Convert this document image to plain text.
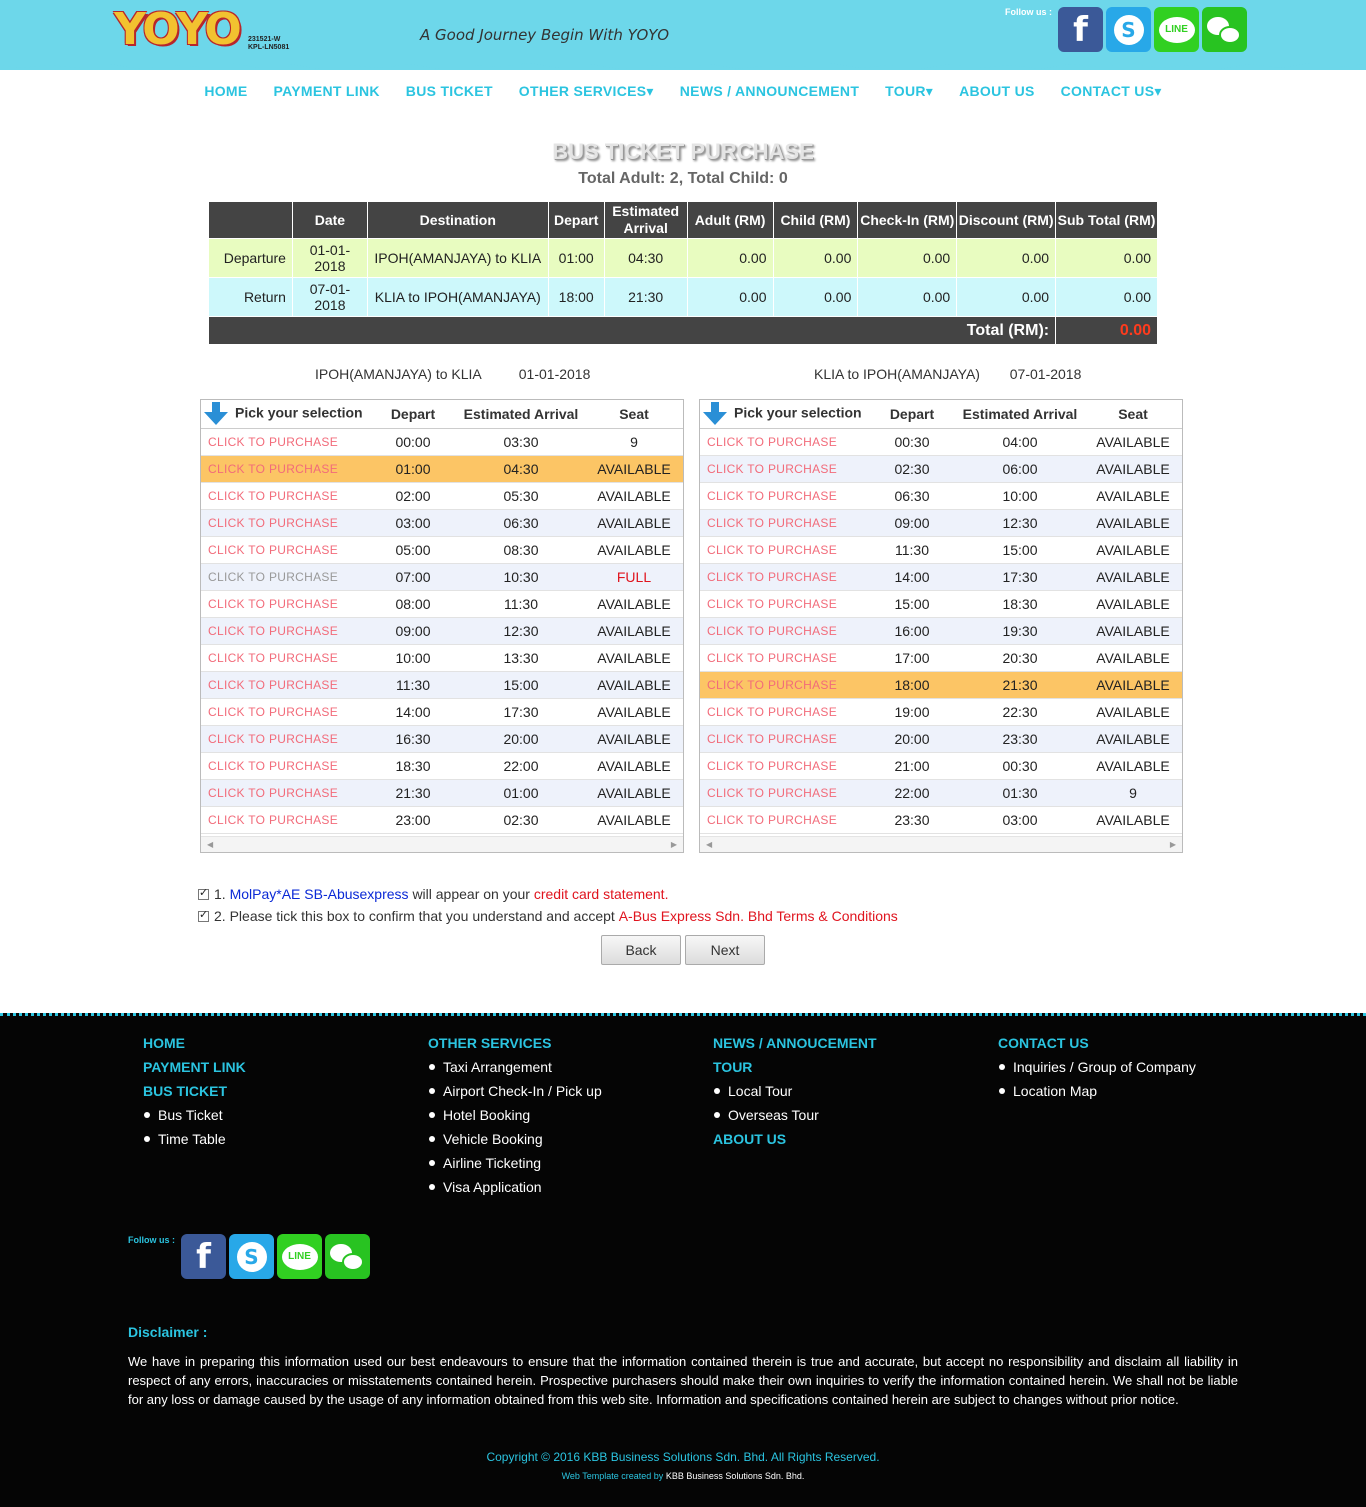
YOYO 231521-W
KPL-LN5081
A Good Journey Begin With YOYO
Follow us : f	S	LINE
HOME PAYMENT LINK BUS TICKET OTHER SERVICES▾ NEWS / ANNOUNCEMENT TOUR▾ ABOUT US CONTACT US▾
BUS TICKET PURCHASE
Total Adult: 2, Total Child: 0
	Date	Destination	Depart	Estimated Arrival	Adult (RM)	Child (RM)	Check-In (RM)	Discount (RM)	Sub Total (RM)
Departure	01-01-2018	IPOH(AMANJAYA) to KLIA	01:00	04:30	0.00	0.00	0.00	0.00	0.00
Return	07-01-2018	KLIA to IPOH(AMANJAYA)	18:00	21:30	0.00	0.00	0.00	0.00	0.00
Total (RM):									0.00
IPOH(AMANJAYA) to KLIA	01-01-2018	KLIA to IPOH(AMANJAYA) 07-01-2018
Pick your selection	Depart	Estimated Arrival	Seat
CLICK TO PURCHASE	00:00	03:30	9
CLICK TO PURCHASE	01:00	04:30	AVAILABLE
CLICK TO PURCHASE	02:00	05:30	AVAILABLE
CLICK TO PURCHASE	03:00	06:30	AVAILABLE
CLICK TO PURCHASE	05:00	08:30	AVAILABLE
CLICK TO PURCHASE	07:00	10:30	FULL
CLICK TO PURCHASE	08:00	11:30	AVAILABLE
CLICK TO PURCHASE	09:00	12:30	AVAILABLE
CLICK TO PURCHASE	10:00	13:30	AVAILABLE
CLICK TO PURCHASE	11:30	15:00	AVAILABLE
CLICK TO PURCHASE	14:00	17:30	AVAILABLE
CLICK TO PURCHASE	16:30	20:00	AVAILABLE
CLICK TO PURCHASE	18:30	22:00	AVAILABLE
CLICK TO PURCHASE	21:30	01:00	AVAILABLE
CLICK TO PURCHASE	23:00	02:30	AVAILABLE
◀	▶
Pick your selection	Depart	Estimated Arrival	Seat
CLICK TO PURCHASE	00:30	04:00	AVAILABLE
CLICK TO PURCHASE	02:30	06:00	AVAILABLE
CLICK TO PURCHASE	06:30	10:00	AVAILABLE
CLICK TO PURCHASE	09:00	12:30	AVAILABLE
CLICK TO PURCHASE	11:30	15:00	AVAILABLE
CLICK TO PURCHASE	14:00	17:30	AVAILABLE
CLICK TO PURCHASE	15:00	18:30	AVAILABLE
CLICK TO PURCHASE	16:00	19:30	AVAILABLE
CLICK TO PURCHASE	17:00	20:30	AVAILABLE
CLICK TO PURCHASE	18:00	21:30	AVAILABLE
CLICK TO PURCHASE	19:00	22:30	AVAILABLE
CLICK TO PURCHASE	20:00	23:30	AVAILABLE
CLICK TO PURCHASE	21:00	00:30	AVAILABLE
CLICK TO PURCHASE	22:00	01:30	9
CLICK TO PURCHASE	23:30	03:00	AVAILABLE
◀	▶
✓
1.
MolPay*AE SB-Abusexpress
will appear on your
credit card statement.
✓
2.
Please tick this box to confirm that you understand and accept
A-Bus Express Sdn. Bhd Terms & Conditions
Back	Next
HOME
PAYMENT LINK
BUS TICKET
Bus Ticket
Time Table
OTHER SERVICES
Taxi Arrangement
Airport Check-In / Pick up
Hotel Booking
Vehicle Booking
Airline Ticketing
Visa Application
NEWS / ANNOUCEMENT
TOUR
Local Tour
Overseas Tour
ABOUT US
CONTACT US
Inquiries / Group of Company
Location Map
Follow us : f	S	LINE
Disclaimer :
We have in preparing this information used our best endeavours to ensure that the information contained therein is true and accurate, but accept no responsibility and disclaim all liability in respect of any errors, inaccuracies or misstatements contained herein. Prospective purchasers should make their own inquiries to verify the information contained herein. We shall not be liable for any loss or damage caused by the usage of any information obtained from this web site. Information and specifications contained herein are subject to changes without prior notice.
Copyright © 2016 KBB Business Solutions Sdn. Bhd. All Rights Reserved.
Web Template created by KBB Business Solutions Sdn. Bhd.
